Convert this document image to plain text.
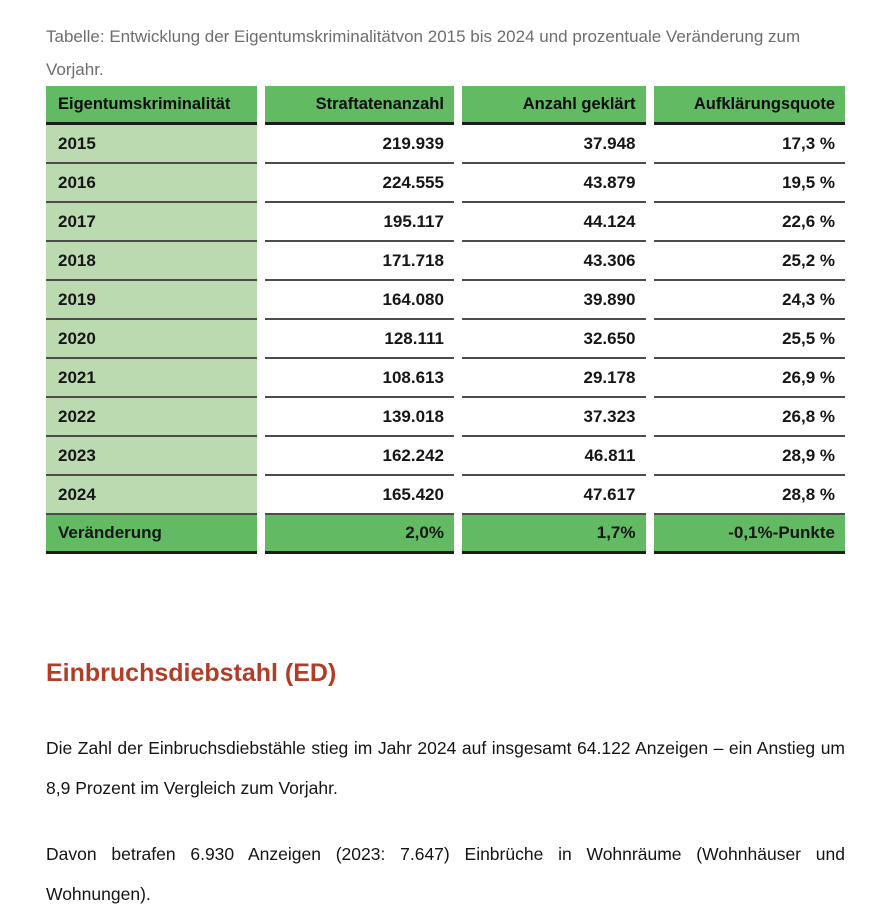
Tabelle: Entwicklung der Eigentumskriminalitätvon 2015 bis 2024 und prozentuale Veränderung zum Vorjahr.

Eigentumskriminalität	Straftatenanzahl	Anzahl geklärt	Aufklärungsquote
2015	219.939	37.948	17,3 %
2016	224.555	43.879	19,5 %
2017	195.117	44.124	22,6 %
2018	171.718	43.306	25,2 %
2019	164.080	39.890	24,3 %
2020	128.111	32.650	25,5 %
2021	108.613	29.178	26,9 %
2022	139.018	37.323	26,8 %
2023	162.242	46.811	28,9 %
2024	165.420	47.617	28,8 %
Veränderung	2,0%	1,7%	-0,1%-Punkte
Einbruchsdiebstahl (ED)

Die Zahl der Einbruchsdiebstähle stieg im Jahr 2024 auf insgesamt 64.122 Anzeigen – ein Anstieg um 8,9 Prozent im Vergleich zum Vorjahr.

Davon betrafen 6.930 Anzeigen (2023: 7.647) Einbrüche in Wohnräume (Wohnhäuser und Wohnungen).
